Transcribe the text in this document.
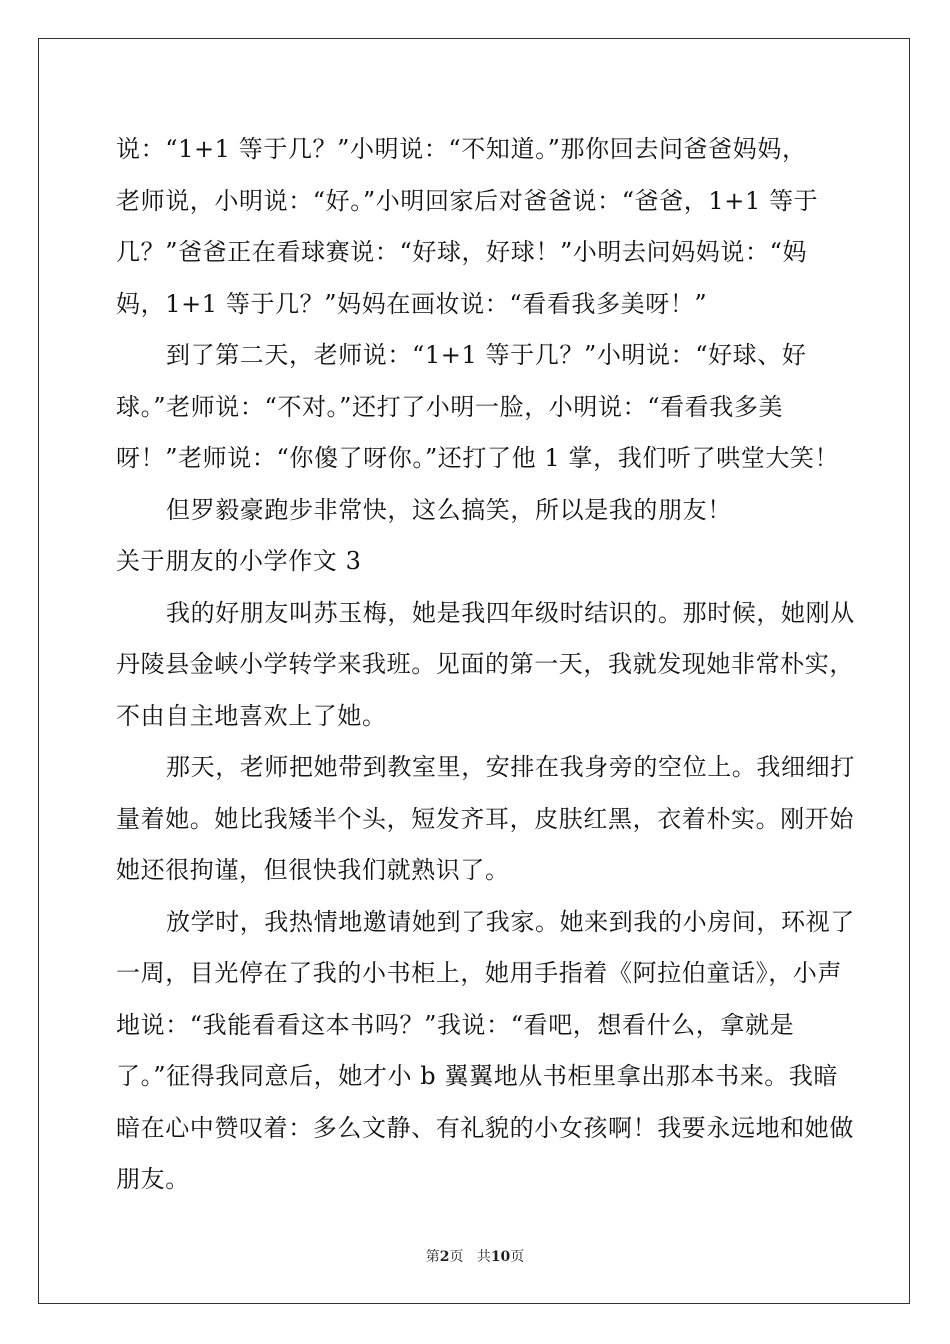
说：“1+1 等于几？”小明说：“不知道。”那你回去问爸爸妈妈，
老师说，小明说：“好。”小明回家后对爸爸说：“爸爸，1+1 等于
几？”爸爸正在看球赛说：“好球，好球！”小明去问妈妈说：“妈
妈，1+1 等于几？”妈妈在画妆说：“看看我多美呀！”
到了第二天，老师说：“1+1 等于几？”小明说：“好球、好
球。”老师说：“不对。”还打了小明一脸，小明说：“看看我多美
呀！”老师说：“你傻了呀你。”还打了他 1 掌，我们听了哄堂大笑！
但罗毅豪跑步非常快，这么搞笑，所以是我的朋友！
关于朋友的小学作文 3
我的好朋友叫苏玉梅，她是我四年级时结识的。那时候，她刚从
丹陵县金峡小学转学来我班。见面的第一天，我就发现她非常朴实，
不由自主地喜欢上了她。
那天，老师把她带到教室里，安排在我身旁的空位上。我细细打
量着她。她比我矮半个头，短发齐耳，皮肤红黑，衣着朴实。刚开始
她还很拘谨，但很快我们就熟识了。
放学时，我热情地邀请她到了我家。她来到我的小房间，环视了
一周，目光停在了我的小书柜上，她用手指着《阿拉伯童话》，小声
地说：“我能看看这本书吗？”我说：“看吧，想看什么，拿就是
了。”征得我同意后，她才小 b 翼翼地从书柜里拿出那本书来。我暗
暗在心中赞叹着：多么文静、有礼貌的小女孩啊！我要永远地和她做
朋友。
第2页 共10页
